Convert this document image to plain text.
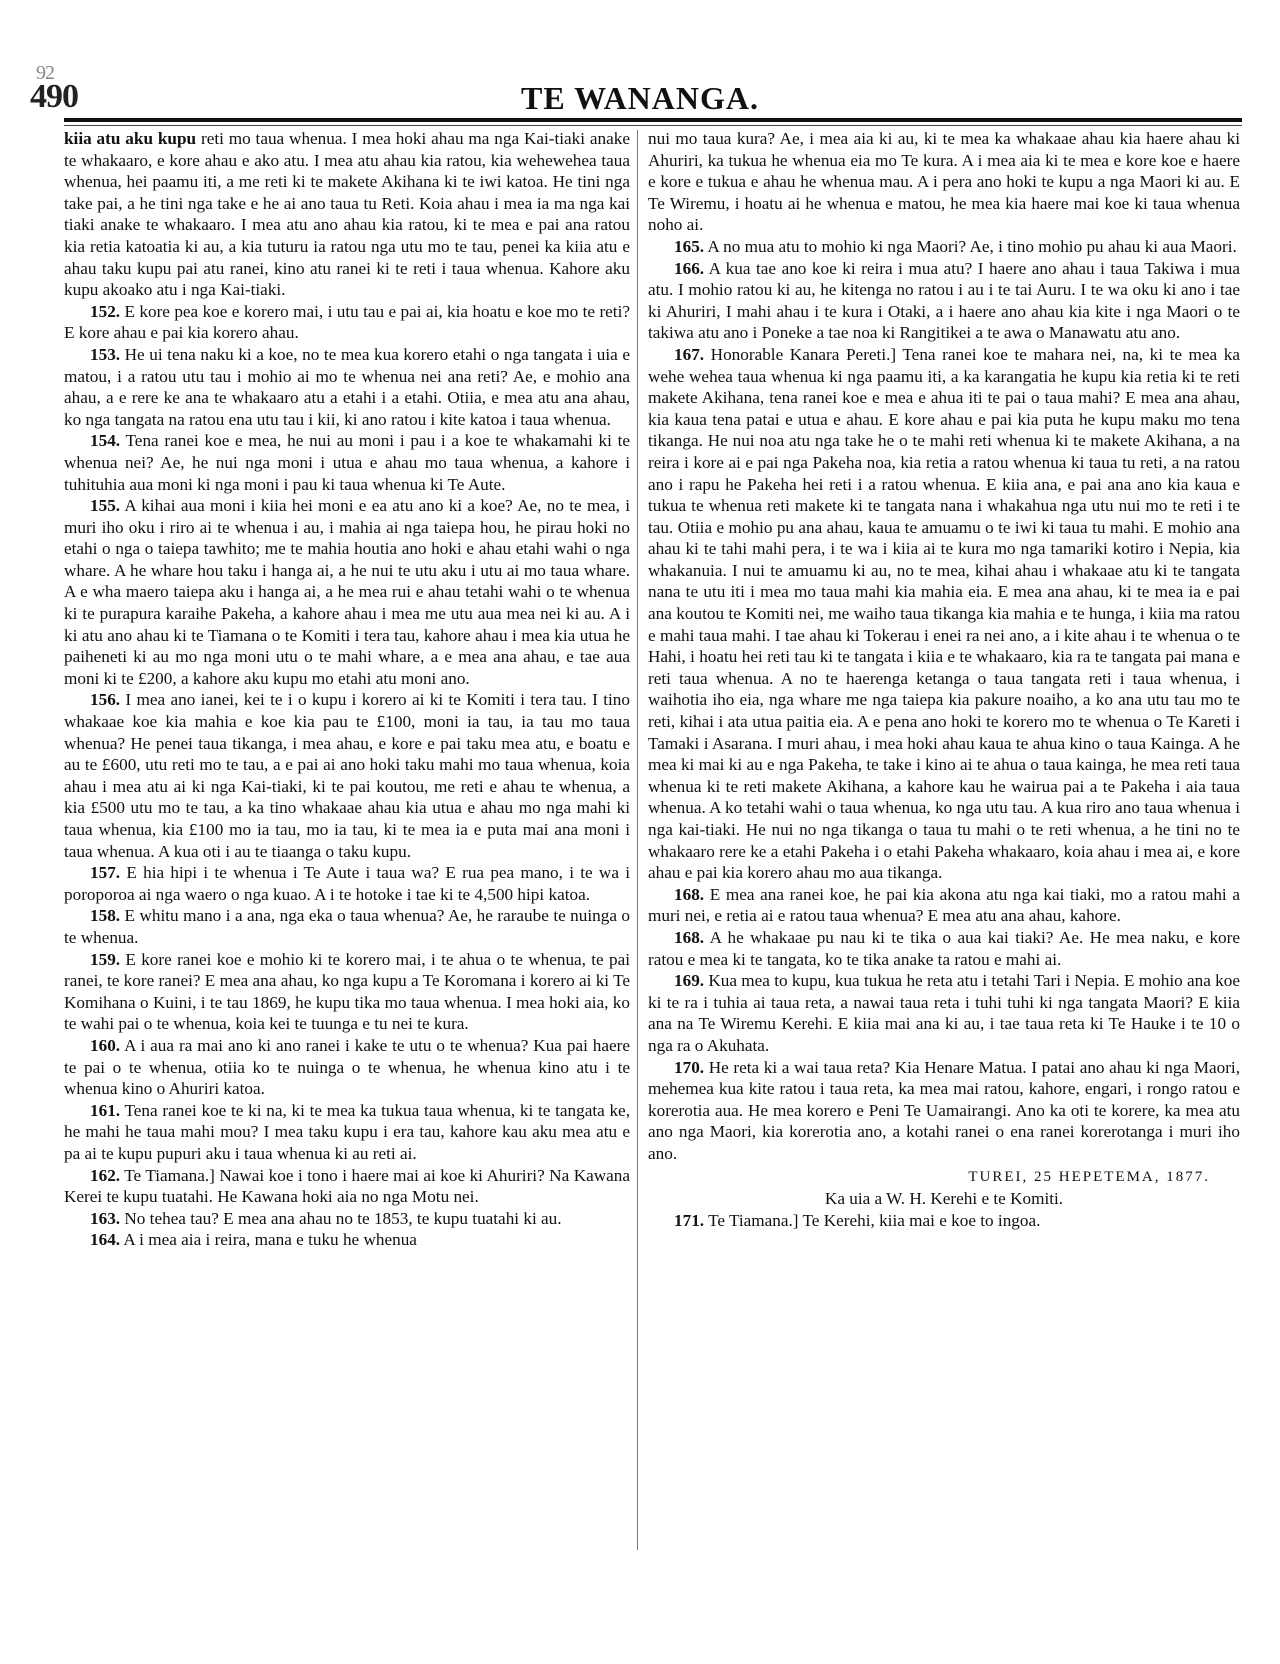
92
490	TE WANANGA.

kiia atu aku kupu reti mo taua whenua. I mea hoki ahau ma nga Kai-tiaki anake te whakaaro, e kore ahau e ako atu. I mea atu ahau kia ratou, kia wehewehea taua whenua, hei paamu iti, a me reti ki te makete Akihana ki te iwi katoa. He tini nga take pai, a he tini nga take e he ai ano taua tu Reti. Koia ahau i mea ia ma nga kai tiaki anake te whakaaro. I mea atu ano ahau kia ratou, ki te mea e pai ana ratou kia retia katoatia ki au, a kia tuturu ia ratou nga utu mo te tau, penei ka kiia atu e ahau taku kupu pai atu ranei, kino atu ranei ki te reti i taua whenua. Kahore aku kupu akoako atu i nga Kai-tiaki.

152. E kore pea koe e korero mai, i utu tau e pai ai, kia hoatu e koe mo te reti? E kore ahau e pai kia korero ahau.

153. He ui tena naku ki a koe, no te mea kua korero etahi o nga tangata i uia e matou, i a ratou utu tau i mohio ai mo te whenua nei ana reti? Ae, e mohio ana ahau, a e rere ke ana te whakaaro atu a etahi i a etahi. Otiia, e mea atu ana ahau, ko nga tangata na ratou ena utu tau i kii, ki ano ratou i kite katoa i taua whenua.

154. Tena ranei koe e mea, he nui au moni i pau i a koe te whakamahi ki te whenua nei? Ae, he nui nga moni i utua e ahau mo taua whenua, a kahore i tuhituhia aua moni ki nga moni i pau ki taua whenua ki Te Aute.

155. A kihai aua moni i kiia hei moni e ea atu ano ki a koe? Ae, no te mea, i muri iho oku i riro ai te whenua i au, i mahia ai nga taiepa hou, he pirau hoki no etahi o nga o taiepa tawhito; me te mahia houtia ano hoki e ahau etahi wahi o nga whare. A he whare hou taku i hanga ai, a he nui te utu aku i utu ai mo taua whare. A e wha maero taiepa aku i hanga ai, a he mea rui e ahau tetahi wahi o te whenua ki te purapura karaihe Pakeha, a kahore ahau i mea me utu aua mea nei ki au. A i ki atu ano ahau ki te Tiamana o te Komiti i tera tau, kahore ahau i mea kia utua he paiheneti ki au mo nga moni utu o te mahi whare, a e mea ana ahau, e tae aua moni ki te £200, a kahore aku kupu mo etahi atu moni ano.

156. I mea ano ianei, kei te i o kupu i korero ai ki te Komiti i tera tau. I tino whakaae koe kia mahia e koe kia pau te £100, moni ia tau, ia tau mo taua whenua? He penei taua tikanga, i mea ahau, e kore e pai taku mea atu, e boatu e au te £600, utu reti mo te tau, a e pai ai ano hoki taku mahi mo taua whenua, koia ahau i mea atu ai ki nga Kai-tiaki, ki te pai koutou, me reti e ahau te whenua, a kia £500 utu mo te tau, a ka tino whakaae ahau kia utua e ahau mo nga mahi ki taua whenua, kia £100 mo ia tau, mo ia tau, ki te mea ia e puta mai ana moni i taua whenua. A kua oti i au te tiaanga o taku kupu.

157. E hia hipi i te whenua i Te Aute i taua wa? E rua pea mano, i te wa i poroporoa ai nga waero o nga kuao. A i te hotoke i tae ki te 4,500 hipi katoa.

158. E whitu mano i a ana, nga eka o taua whenua? Ae, he raraube te nuinga o te whenua.

159. E kore ranei koe e mohio ki te korero mai, i te ahua o te whenua, te pai ranei, te kore ranei? E mea ana ahau, ko nga kupu a Te Koromana i korero ai ki Te Komihana o Kuini, i te tau 1869, he kupu tika mo taua whenua. I mea hoki aia, ko te wahi pai o te whenua, koia kei te tuunga e tu nei te kura.

160. A i aua ra mai ano ki ano ranei i kake te utu o te whenua? Kua pai haere te pai o te whenua, otiia ko te nuinga o te whenua, he whenua kino atu i te whenua kino o Ahuriri katoa.

161. Tena ranei koe te ki na, ki te mea ka tukua taua whenua, ki te tangata ke, he mahi he taua mahi mou? I mea taku kupu i era tau, kahore kau aku mea atu e pa ai te kupu pupuri aku i taua whenua ki au reti ai.

162. Te Tiamana.] Nawai koe i tono i haere mai ai koe ki Ahuriri? Na Kawana Kerei te kupu tuatahi. He Kawana hoki aia no nga Motu nei.

163. No tehea tau? E mea ana ahau no te 1853, te kupu tuatahi ki au.

164. A i mea aia i reira, mana e tuku he whenua

nui mo taua kura? Ae, i mea aia ki au, ki te mea ka whakaae ahau kia haere ahau ki Ahuriri, ka tukua he whenua eia mo Te kura. A i mea aia ki te mea e kore koe e haere e kore e tukua e ahau he whenua mau. A i pera ano hoki te kupu a nga Maori ki au. E Te Wiremu, i hoatu ai he whenua e matou, he mea kia haere mai koe ki taua whenua noho ai.

165. A no mua atu to mohio ki nga Maori? Ae, i tino mohio pu ahau ki aua Maori.

166. A kua tae ano koe ki reira i mua atu? I haere ano ahau i taua Takiwa i mua atu. I mohio ratou ki au, he kitenga no ratou i au i te tai Auru. I te wa oku ki ano i tae ki Ahuriri, I mahi ahau i te kura i Otaki, a i haere ano ahau kia kite i nga Maori o te takiwa atu ano i Poneke a tae noa ki Rangitikei a te awa o Manawatu atu ano.

167. Honorable Kanara Pereti.] Tena ranei koe te mahara nei, na, ki te mea ka wehe wehea taua whenua ki nga paamu iti, a ka karangatia he kupu kia retia ki te reti makete Akihana, tena ranei koe e mea e ahua iti te pai o taua mahi? E mea ana ahau, kia kaua tena patai e utua e ahau. E kore ahau e pai kia puta he kupu maku mo tena tikanga. He nui noa atu nga take he o te mahi reti whenua ki te makete Akihana, a na reira i kore ai e pai nga Pakeha noa, kia retia a ratou whenua ki taua tu reti, a na ratou ano i rapu he Pakeha hei reti i a ratou whenua. E kiia ana, e pai ana ano kia kaua e tukua te whenua reti makete ki te tangata nana i whakahua nga utu nui mo te reti i te tau. Otiia e mohio pu ana ahau, kaua te amuamu o te iwi ki taua tu mahi. E mohio ana ahau ki te tahi mahi pera, i te wa i kiia ai te kura mo nga tamariki kotiro i Nepia, kia whakanuia. I nui te amuamu ki au, no te mea, kihai ahau i whakaae atu ki te tangata nana te utu iti i mea mo taua mahi kia mahia eia. E mea ana ahau, ki te mea ia e pai ana koutou te Komiti nei, me waiho taua tikanga kia mahia e te hunga, i kiia ma ratou e mahi taua mahi. I tae ahau ki Tokerau i enei ra nei ano, a i kite ahau i te whenua o te Hahi, i hoatu hei reti tau ki te tangata i kiia e te whakaaro, kia ra te tangata pai mana e reti taua whenua. A no te haerenga ketanga o taua tangata reti i taua whenua, i waihotia iho eia, nga whare me nga taiepa kia pakure noaiho, a ko ana utu tau mo te reti, kihai i ata utua paitia eia. A e pena ano hoki te korero mo te whenua o Te Kareti i Tamaki i Asarana. I muri ahau, i mea hoki ahau kaua te ahua kino o taua Kainga. A he mea ki mai ki au e nga Pakeha, te take i kino ai te ahua o taua kainga, he mea reti taua whenua ki te reti makete Akihana, a kahore kau he wairua pai a te Pakeha i aia taua whenua. A ko tetahi wahi o taua whenua, ko nga utu tau. A kua riro ano taua whenua i nga kai-tiaki. He nui no nga tikanga o taua tu mahi o te reti whenua, a he tini no te whakaaro rere ke a etahi Pakeha i o etahi Pakeha whakaaro, koia ahau i mea ai, e kore ahau e pai kia korero ahau mo aua tikanga.

168. E mea ana ranei koe, he pai kia akona atu nga kai tiaki, mo a ratou mahi a muri nei, e retia ai e ratou taua whenua? E mea atu ana ahau, kahore.

168. A he whakaae pu nau ki te tika o aua kai tiaki? Ae. He mea naku, e kore ratou e mea ki te tangata, ko te tika anake ta ratou e mahi ai.

169. Kua mea to kupu, kua tukua he reta atu i tetahi Tari i Nepia. E mohio ana koe ki te ra i tuhia ai taua reta, a nawai taua reta i tuhi tuhi ki nga tangata Maori? E kiia ana na Te Wiremu Kerehi. E kiia mai ana ki au, i tae taua reta ki Te Hauke i te 10 o nga ra o Akuhata.

170. He reta ki a wai taua reta? Kia Henare Matua. I patai ano ahau ki nga Maori, mehemea kua kite ratou i taua reta, ka mea mai ratou, kahore, engari, i rongo ratou e korerotia aua. He mea korero e Peni Te Uamairangi. Ano ka oti te korere, ka mea atu ano nga Maori, kia korerotia ano, a kotahi ranei o ena ranei korerotanga i muri iho ano.

TUREI, 25 HEPETEMA, 1877.

Ka uia a W. H. Kerehi e te Komiti.

171. Te Tiamana.] Te Kerehi, kiia mai e koe to ingoa.
